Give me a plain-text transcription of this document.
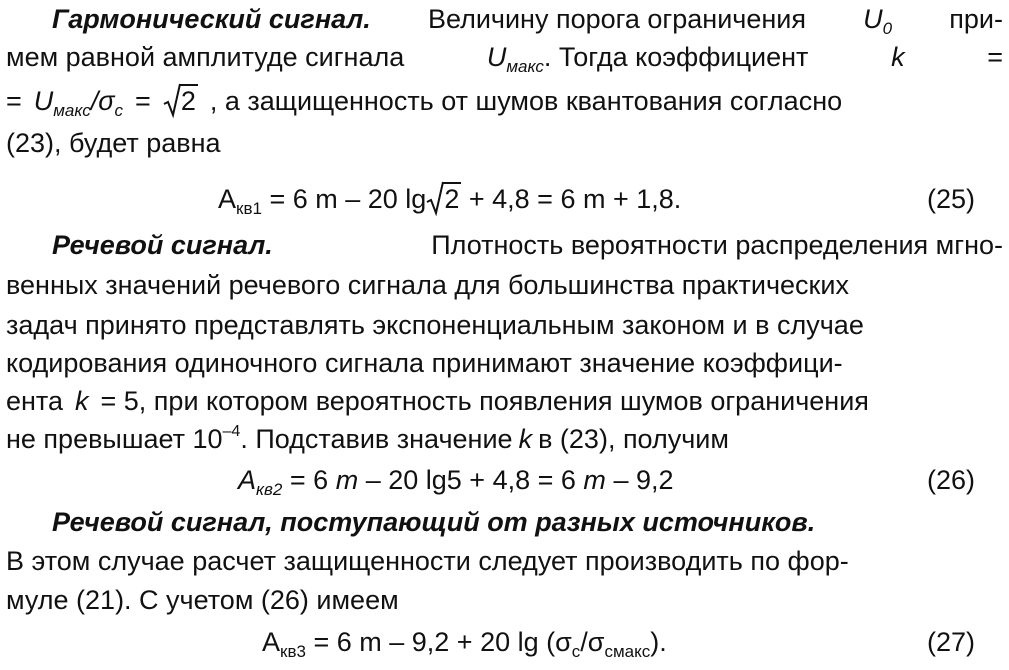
Гармонический сигнал. Величину порога ограничения $U_0$ при-
мем равной амплитуде сигнала	$U_{макс}$. Тогда коэффициент	k	=
= $U_{макс}/\sigma_с$ =	2 , а защищенность от шумов квантования согласно
(23), будет равна
$А_{кв1} = 6$ m – 20 lg 2 + 4,8 = 6 m + 1,8.	(25)
Речевой сигнал.	Плотность вероятности распределения мгно-
венных значений речевого сигнала для большинства практических
задач принято представлять экспоненциальным законом и в случае
кодирования одиночного сигнала принимают значение коэффици-
ента k = 5, при котором вероятность появления шумов ограничения
не превышает $10^{-4}$. Подставив значение k в (23), получим
$A_{кв2} = 6$ m – 20 lg5 + 4,8 = 6 m – 9,2	(26)
Речевой сигнал, поступающий от разных источников.
В этом случае расчет защищенности следует производить по фор-
муле (21). С учетом (26) имеем
$А_{кв3} = 6$ m – 9,2 + 20 $\lg (\sigma_с/\sigma_{смакс})$.	(27)
